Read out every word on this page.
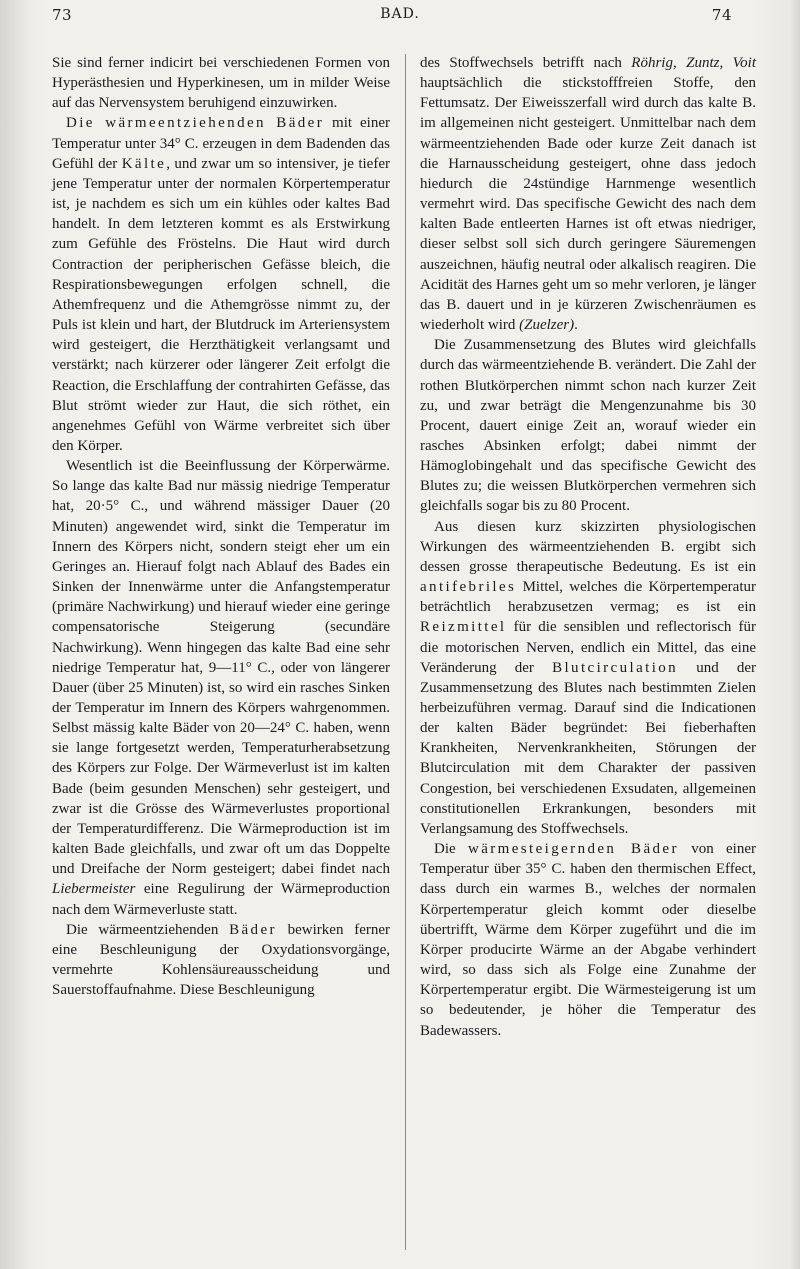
73	BAD.	74

Sie sind ferner indicirt bei verschiedenen Formen von Hyperästhesien und Hyperkinesen, um in milder Weise auf das Nervensystem beruhigend einzuwirken.

Die wärmeentziehenden Bäder mit einer Temperatur unter 34° C. erzeugen in dem Badenden das Gefühl der Kälte, und zwar um so intensiver, je tiefer jene Temperatur unter der normalen Körpertemperatur ist, je nachdem es sich um ein kühles oder kaltes Bad handelt. In dem letzteren kommt es als Erstwirkung zum Gefühle des Fröstelns. Die Haut wird durch Contraction der peripherischen Gefässe bleich, die Respirationsbewegungen erfolgen schnell, die Athemfrequenz und die Athemgrösse nimmt zu, der Puls ist klein und hart, der Blutdruck im Arteriensystem wird gesteigert, die Herzthätigkeit verlangsamt und verstärkt; nach kürzerer oder längerer Zeit erfolgt die Reaction, die Erschlaffung der contrahirten Gefässe, das Blut strömt wieder zur Haut, die sich röthet, ein angenehmes Gefühl von Wärme verbreitet sich über den Körper.

Wesentlich ist die Beeinflussung der Körperwärme. So lange das kalte Bad nur mässig niedrige Temperatur hat, 20·5° C., und während mässiger Dauer (20 Minuten) angewendet wird, sinkt die Temperatur im Innern des Körpers nicht, sondern steigt eher um ein Geringes an. Hierauf folgt nach Ablauf des Bades ein Sinken der Innenwärme unter die Anfangstemperatur (primäre Nachwirkung) und hierauf wieder eine geringe compensatorische Steigerung (secundäre Nachwirkung). Wenn hingegen das kalte Bad eine sehr niedrige Temperatur hat, 9—11° C., oder von längerer Dauer (über 25 Minuten) ist, so wird ein rasches Sinken der Temperatur im Innern des Körpers wahrgenommen. Selbst mässig kalte Bäder von 20—24° C. haben, wenn sie lange fortgesetzt werden, Temperaturherabsetzung des Körpers zur Folge. Der Wärmeverlust ist im kalten Bade (beim gesunden Menschen) sehr gesteigert, und zwar ist die Grösse des Wärmeverlustes proportional der Temperaturdifferenz. Die Wärmeproduction ist im kalten Bade gleichfalls, und zwar oft um das Doppelte und Dreifache der Norm gesteigert; dabei findet nach Liebermeister eine Regulirung der Wärmeproduction nach dem Wärmeverluste statt.

Die wärmeentziehenden Bäder bewirken ferner eine Beschleunigung der Oxydationsvorgänge, vermehrte Kohlensäureausscheidung und Sauerstoffaufnahme. Diese Beschleunigung

des Stoffwechsels betrifft nach Röhrig, Zuntz, Voit hauptsächlich die stickstofffreien Stoffe, den Fettumsatz. Der Eiweisszerfall wird durch das kalte B. im allgemeinen nicht gesteigert. Unmittelbar nach dem wärmeentziehenden Bade oder kurze Zeit danach ist die Harnausscheidung gesteigert, ohne dass jedoch hiedurch die 24stündige Harnmenge wesentlich vermehrt wird. Das specifische Gewicht des nach dem kalten Bade entleerten Harnes ist oft etwas niedriger, dieser selbst soll sich durch geringere Säuremengen auszeichnen, häufig neutral oder alkalisch reagiren. Die Acidität des Harnes geht um so mehr verloren, je länger das B. dauert und in je kürzeren Zwischenräumen es wiederholt wird (Zuelzer).

Die Zusammensetzung des Blutes wird gleichfalls durch das wärmeentziehende B. verändert. Die Zahl der rothen Blutkörperchen nimmt schon nach kurzer Zeit zu, und zwar beträgt die Mengenzunahme bis 30 Procent, dauert einige Zeit an, worauf wieder ein rasches Absinken erfolgt; dabei nimmt der Hämoglobingehalt und das specifische Gewicht des Blutes zu; die weissen Blutkörperchen vermehren sich gleichfalls sogar bis zu 80 Procent.

Aus diesen kurz skizzirten physiologischen Wirkungen des wärmeentziehenden B. ergibt sich dessen grosse therapeutische Bedeutung. Es ist ein antifebriles Mittel, welches die Körpertemperatur beträchtlich herabzusetzen vermag; es ist ein Reizmittel für die sensiblen und reflectorisch für die motorischen Nerven, endlich ein Mittel, das eine Veränderung der Blutcirculation und der Zusammensetzung des Blutes nach bestimmten Zielen herbeizuführen vermag. Darauf sind die Indicationen der kalten Bäder begründet: Bei fieberhaften Krankheiten, Nervenkrankheiten, Störungen der Blutcirculation mit dem Charakter der passiven Congestion, bei verschiedenen Exsudaten, allgemeinen constitutionellen Erkrankungen, besonders mit Verlangsamung des Stoffwechsels.

Die wärmesteigernden Bäder von einer Temperatur über 35° C. haben den thermischen Effect, dass durch ein warmes B., welches der normalen Körpertemperatur gleich kommt oder dieselbe übertrifft, Wärme dem Körper zugeführt und die im Körper producirte Wärme an der Abgabe verhindert wird, so dass sich als Folge eine Zunahme der Körpertemperatur ergibt. Die Wärmesteigerung ist um so bedeutender, je höher die Temperatur des Badewassers.
